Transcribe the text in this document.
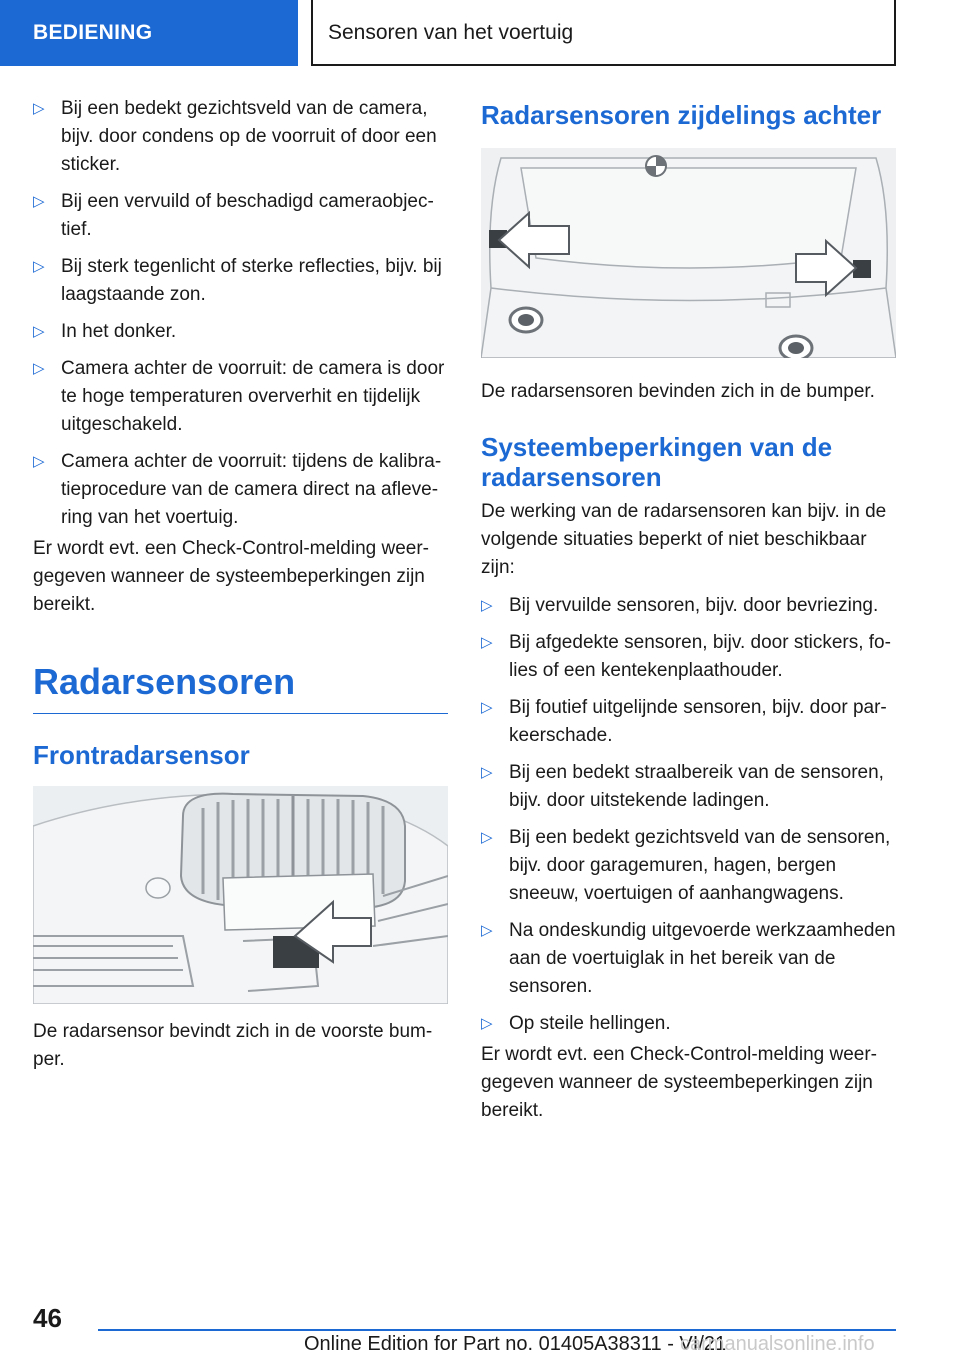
BEDIENING	Sensoren van het voertuig
▷ Bij een bedekt gezichtsveld van de camera, bijv. door condens op de voorruit of door een sticker.
▷ Bij een vervuild of beschadigd cameraobjectief.
▷ Bij sterk tegenlicht of sterke reflecties, bijv. bij laagstaande zon.
▷ In het donker.
▷ Camera achter de voorruit: de camera is door te hoge temperaturen oververhit en tijdelijk uitgeschakeld.
▷ Camera achter de voorruit: tijdens de kalibratieprocedure van de camera direct na aflevering van het voertuig.

Er wordt evt. een Check-Control-melding weergegeven wanneer de systeembeperkingen zijn bereikt.

Radarsensoren
Frontradarsensor

De radarsensor bevindt zich in de voorste bumper.

Radarsensoren zijdelings achter

De radarsensoren bevinden zich in de bumper.

Systeembeperkingen van de radarsensoren

De werking van de radarsensoren kan bijv. in de volgende situaties beperkt of niet beschikbaar zijn:

▷ Bij vervuilde sensoren, bijv. door bevriezing.
▷ Bij afgedekte sensoren, bijv. door stickers, folies of een kentekenplaathouder.
▷ Bij foutief uitgelijnde sensoren, bijv. door parkeerschade.
▷ Bij een bedekt straalbereik van de sensoren, bijv. door uitstekende ladingen.
▷ Bij een bedekt gezichtsveld van de sensoren, bijv. door garagemuren, hagen, bergen sneeuw, voertuigen of aanhangwagens.
▷ Na ondeskundig uitgevoerde werkzaamheden aan de voertuiglak in het bereik van de sensoren.
▷ Op steile hellingen.

Er wordt evt. een Check-Control-melding weergegeven wanneer de systeembeperkingen zijn bereikt.

46
Online Edition for Part no. 01405A38311 - VI/21
carmanualsonline.info
